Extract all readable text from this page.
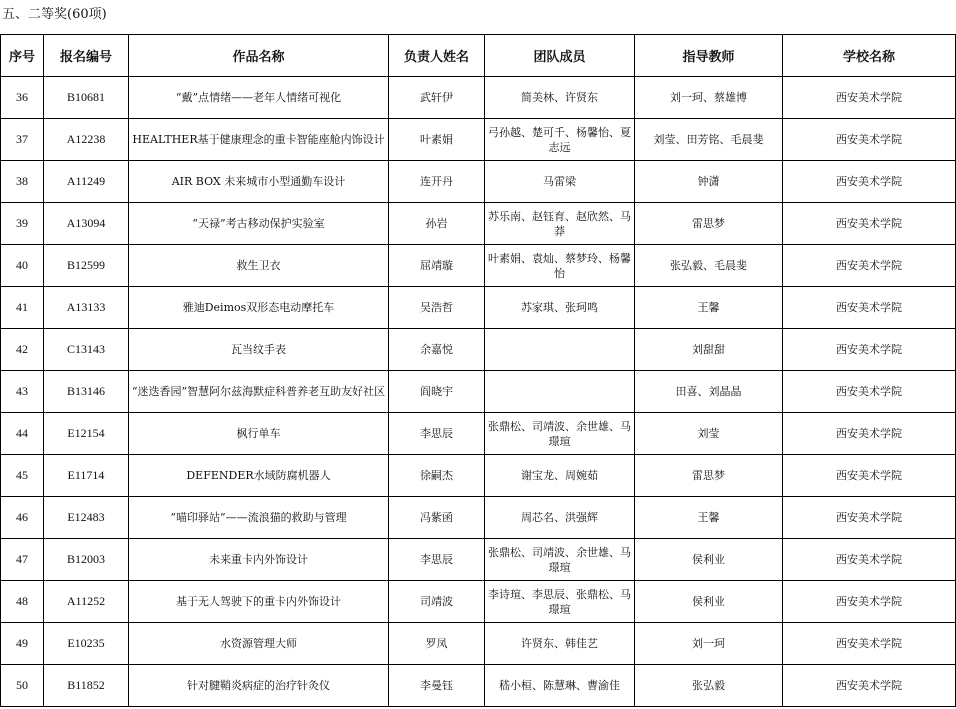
五、二等奖(60项)
序号	报名编号	作品名称	负责人姓名	团队成员	指导教师	学校名称
36	B10681	“戴”点情绪——老年人情绪可视化	武轩伊	简美林、许贤东	刘一珂、蔡雄博	西安美术学院
37	A12238	HEALTHER基于健康理念的重卡智能座舱内饰设计	叶素娟	弓孙越、楚可千、杨馨怡、夏志远	刘莹、田芳铭、毛晨斐	西安美术学院
38	A11249	AIR BOX 未来城市小型通勤车设计	连开丹	马雷梁	钟潇	西安美术学院
39	A13094	“天禄”考古移动保护实验室	孙岩	苏乐南、赵钰育、赵欣然、马莽	雷思梦	西安美术学院
40	B12599	救生卫衣	屈靖璇	叶素娟、袁灿、蔡梦玲、杨馨怡	张弘毅、毛晨斐	西安美术学院
41	A13133	雅迪Deimos双形态电动摩托车	吴浩哲	苏家琪、张珂鸣	王馨	西安美术学院
42	C13143	瓦当纹手表	余嘉悦		刘甜甜	西安美术学院
43	B13146	“迷迭香园”智慧阿尔兹海默症科普养老互助友好社区	阎晓宇		田喜、刘晶晶	西安美术学院
44	E12154	枫行单车	李思辰	张鼎松、司靖波、余世雄、马璟瑄	刘莹	西安美术学院
45	E11714	DEFENDER水域防腐机器人	徐嗣杰	谢宝龙、周婉茹	雷思梦	西安美术学院
46	E12483	“喵印驿站”——流浪猫的救助与管理	冯紫函	周芯名、洪强辉	王馨	西安美术学院
47	B12003	未来重卡内外饰设计	李思辰	张鼎松、司靖波、余世雄、马璟瑄	侯利业	西安美术学院
48	A11252	基于无人驾驶下的重卡内外饰设计	司靖波	李诗瑄、李思辰、张鼎松、马璟瑄	侯利业	西安美术学院
49	E10235	水资源管理大师	罗凤	许贤东、韩佳艺	刘一珂	西安美术学院
50	B11852	针对腱鞘炎病症的治疗针灸仪	李曼钰	嵇小桓、陈慧琳、曹渝佳	张弘毅	西安美术学院
